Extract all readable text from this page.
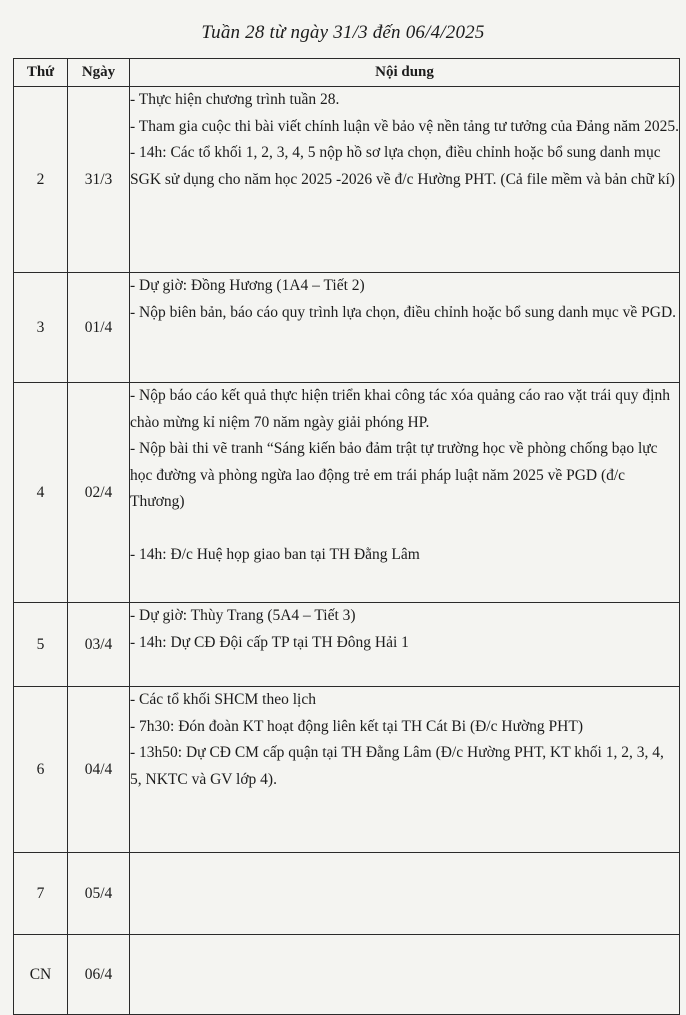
Tuần 28 từ ngày 31/3 đến 06/4/2025
Thứ	Ngày	Nội dung
2	31/3	- Thực hiện chương trình tuần 28.
- Tham gia cuộc thi bài viết chính luận về bảo vệ nền tảng tư tưởng của Đảng năm 2025.
- 14h: Các tổ khối 1, 2, 3, 4, 5 nộp hồ sơ lựa chọn, điều chỉnh hoặc bổ sung danh mục SGK sử dụng cho năm học 2025 -2026 về đ/c Hường PHT. (Cả file mềm và bản chữ kí)

3	01/4	- Dự giờ: Đồng Hương (1A4 – Tiết 2)
- Nộp biên bản, báo cáo quy trình lựa chọn, điều chỉnh hoặc bổ sung danh mục về PGD.

4	02/4	- Nộp báo cáo kết quả thực hiện triển khai công tác xóa quảng cáo rao vặt trái quy định chào mừng kỉ niệm 70 năm ngày giải phóng HP.
- Nộp bài thi vẽ tranh “Sáng kiến bảo đảm trật tự trường học về phòng chống bạo lực học đường và phòng ngừa lao động trẻ em trái pháp luật năm 2025 về PGD (đ/c Thương)
- 14h: Đ/c Huệ họp giao ban tại TH Đằng Lâm

5	03/4	- Dự giờ: Thùy Trang (5A4 – Tiết 3)
- 14h: Dự CĐ Đội cấp TP tại TH Đông Hải 1

6	04/4	- Các tổ khối SHCM theo lịch
- 7h30: Đón đoàn KT hoạt động liên kết tại TH Cát Bi (Đ/c Hường PHT)
- 13h50: Dự CĐ CM cấp quận tại TH Đằng Lâm (Đ/c Hường PHT, KT khối 1, 2, 3, 4, 5, NKTC và GV lớp 4).

7	05/4	
CN	06/4	
